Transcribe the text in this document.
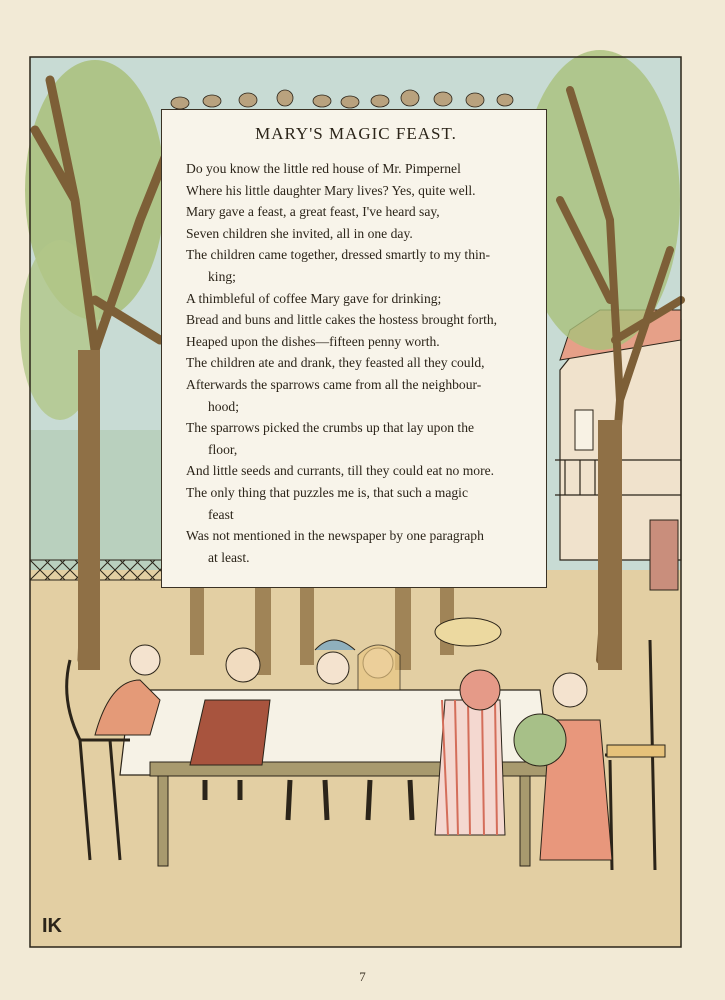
IK
MARY'S MAGIC FEAST.
Do you know the little red house of Mr. Pimpernel
Where his little daughter Mary lives? Yes, quite well.
Mary gave a feast, a great feast, I've heard say,
Seven children she invited, all in one day.
The children came together, dressed smartly to my thin-
king;
A thimbleful of coffee Mary gave for drinking;
Bread and buns and little cakes the hostess brought forth,
Heaped upon the dishes—fifteen penny worth.
The children ate and drank, they feasted all they could,
Afterwards the sparrows came from all the neighbour-
hood;
The sparrows picked the crumbs up that lay upon the
floor,
And little seeds and currants, till they could eat no more.
The only thing that puzzles me is, that such a magic
feast
Was not mentioned in the newspaper by one paragraph
at least.
7
